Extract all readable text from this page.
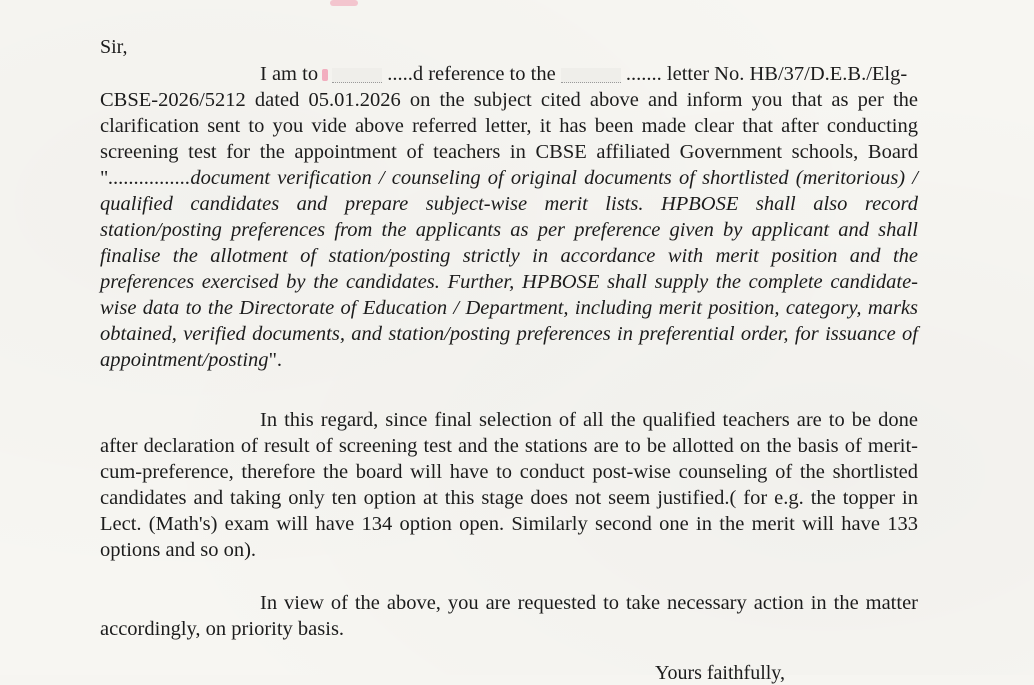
Sir,
I am to	.....d reference to the	....... letter No. HB/37/D.E.B./Elg-
CBSE-2026/5212 dated 05.01.2026 on the subject cited above and inform you that as per the clarification sent to you vide above referred letter, it has been made clear that after conducting screening test for the appointment of teachers in CBSE affiliated Government schools, Board "................document verification / counseling of original documents of shortlisted (meritorious) / qualified candidates and prepare subject-wise merit lists. HPBOSE shall also record station/posting preferences from the applicants as per preference given by applicant and shall finalise the allotment of station/posting strictly in accordance with merit position and the preferences exercised by the candidates. Further, HPBOSE shall supply the complete candidate-wise data to the Directorate of Education / Department, including merit position, category, marks obtained, verified documents, and station/posting preferences in preferential order, for issuance of appointment/posting".
In this regard, since final selection of all the qualified teachers are to be done after declaration of result of screening test and the stations are to be allotted on the basis of merit-cum-preference, therefore the board will have to conduct post-wise counseling of the shortlisted candidates and taking only ten option at this stage does not seem justified.( for e.g. the topper in Lect. (Math's) exam will have 134 option open. Similarly second one in the merit will have 133 options and so on).
In view of the above, you are requested to take necessary action in the matter accordingly, on priority basis.
Yours faithfully,
